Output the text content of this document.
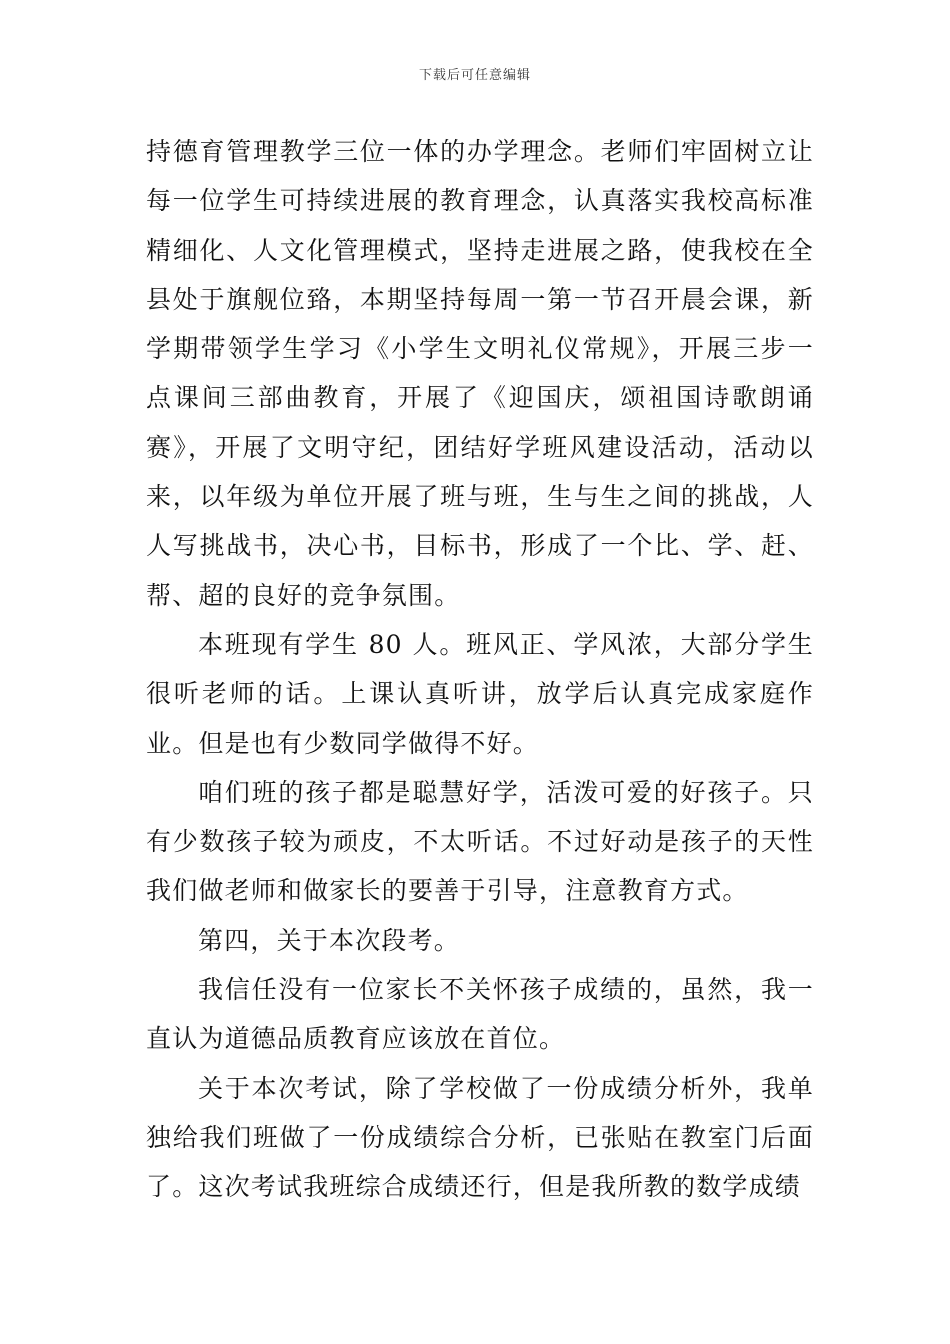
下载后可任意编辑

持德育管理教学三位一体的办学理念。老师们牢固树立让每一位学生可持续进展的教育理念，认真落实我校高标准精细化、人文化管理模式，坚持走进展之路，使我校在全县处于旗舰位臵，本期坚持每周一第一节召开晨会课，新学期带领学生学习《小学生文明礼仪常规》，开展三步一点课间三部曲教育，开展了《迎国庆，颂祖国诗歌朗诵赛》，开展了文明守纪，团结好学班风建设活动，活动以来，以年级为单位开展了班与班，生与生之间的挑战，人人写挑战书，决心书，目标书，形成了一个比、学、赶、帮、超的良好的竞争氛围。

本班现有学生 80 人。班风正、学风浓，大部分学生很听老师的话。上课认真听讲，放学后认真完成家庭作业。但是也有少数同学做得不好。

咱们班的孩子都是聪慧好学，活泼可爱的好孩子。只有少数孩子较为顽皮，不太听话。不过好动是孩子的天性我们做老师和做家长的要善于引导，注意教育方式。

第四，关于本次段考。

我信任没有一位家长不关怀孩子成绩的，虽然，我一直认为道德品质教育应该放在首位。

关于本次考试，除了学校做了一份成绩分析外，我单独给我们班做了一份成绩综合分析，已张贴在教室门后面了。这次考试我班综合成绩还行，但是我所教的数学成绩
